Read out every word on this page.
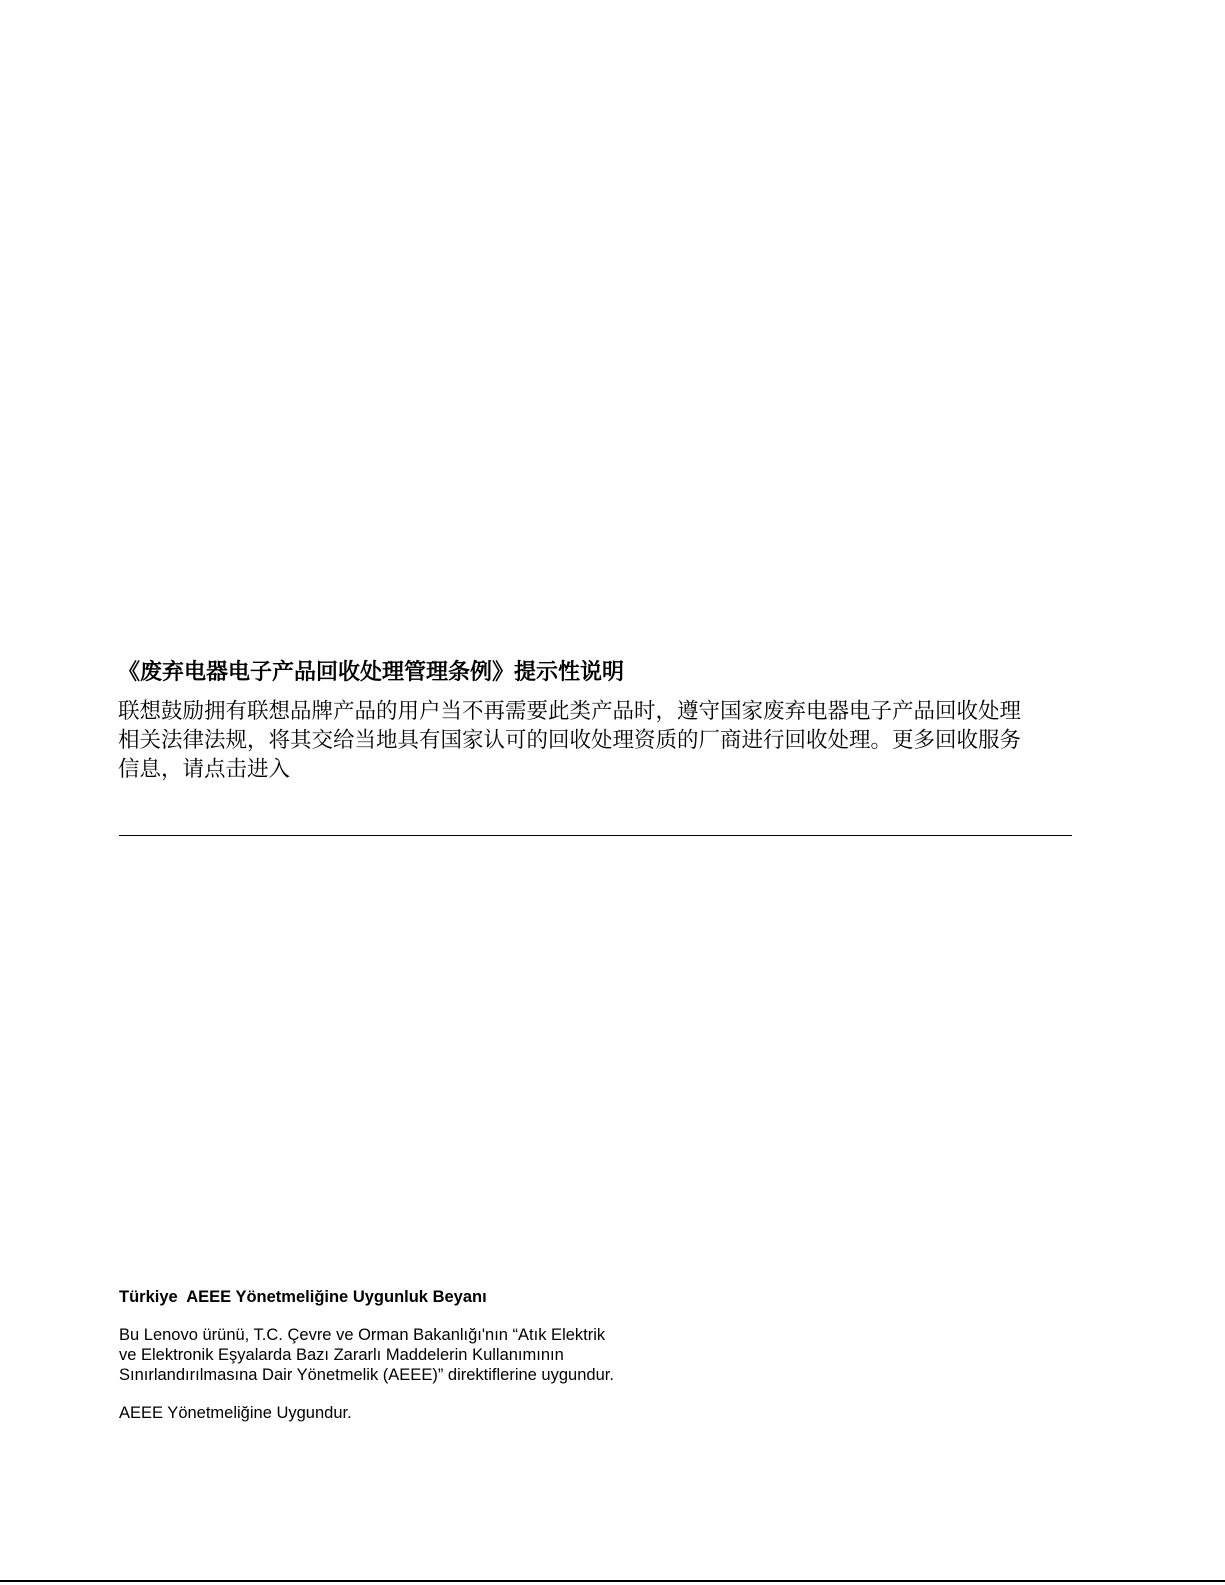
《废弃电器电子产品回收处理管理条例》提示性说明

联想鼓励拥有联想品牌产品的用户当不再需要此类产品时，遵守国家废弃电器电子产品回收处理
相关法律法规，将其交给当地具有国家认可的回收处理资质的厂商进行回收处理。更多回收服务
信息，请点击进入

Türkiye  AEEE Yönetmeliğine Uygunluk Beyanı

Bu Lenovo ürünü, T.C. Çevre ve Orman Bakanlığı'nın “Atık Elektrik
ve Elektronik Eşyalarda Bazı Zararlı Maddelerin Kullanımının
Sınırlandırılmasına Dair Yönetmelik (AEEE)” direktiflerine uygundur.

AEEE Yönetmeliğine Uygundur.
